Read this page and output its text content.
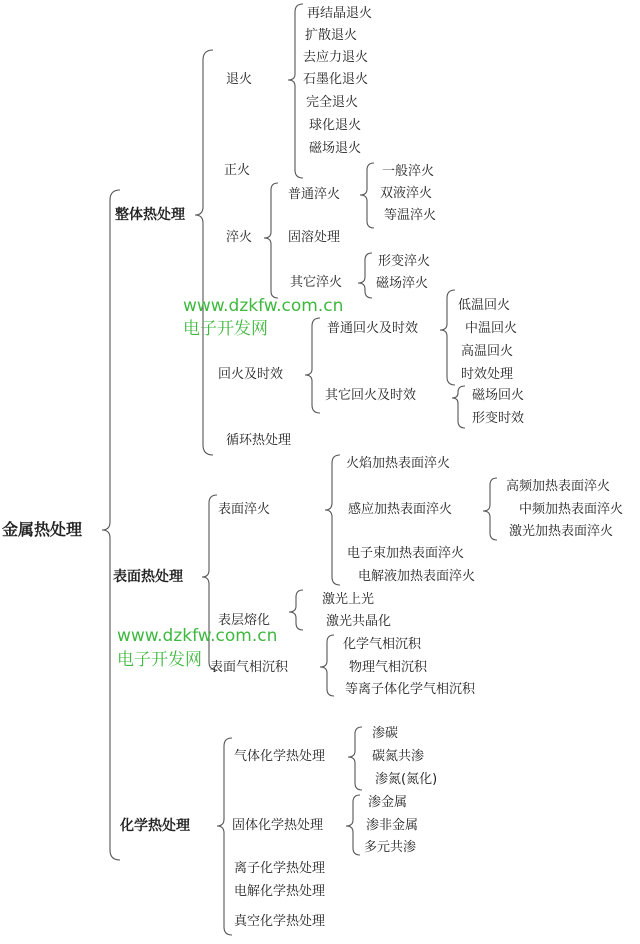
金属热处理
整体热处理
表面热处理
化学热处理
退火
正火
淬火
回火及时效
循环热处理
再结晶退火
扩散退火
去应力退火
石墨化退火
完全退火
球化退火
磁场退火
普通淬火
固溶处理
其它淬火
一般淬火
双液淬火
等温淬火
形变淬火
磁场淬火
普通回火及时效
其它回火及时效
低温回火
中温回火
高温回火
时效处理
磁场回火
形变时效
表面淬火
表层熔化
表面气相沉积
火焰加热表面淬火
感应加热表面淬火
电子束加热表面淬火
电解液加热表面淬火
高频加热表面淬火
中频加热表面淬火
激光加热表面淬火
激光上光
激光共晶化
化学气相沉积
物理气相沉积
等离子体化学气相沉积
气体化学热处理
固体化学热处理
离子化学热处理
电解化学热处理
真空化学热处理
渗碳
碳氮共渗
渗氮(氮化)
渗金属
渗非金属
多元共渗
www.dzkfw.com.cn
电子开发网
www.dzkfw.com.cn
电子开发网
